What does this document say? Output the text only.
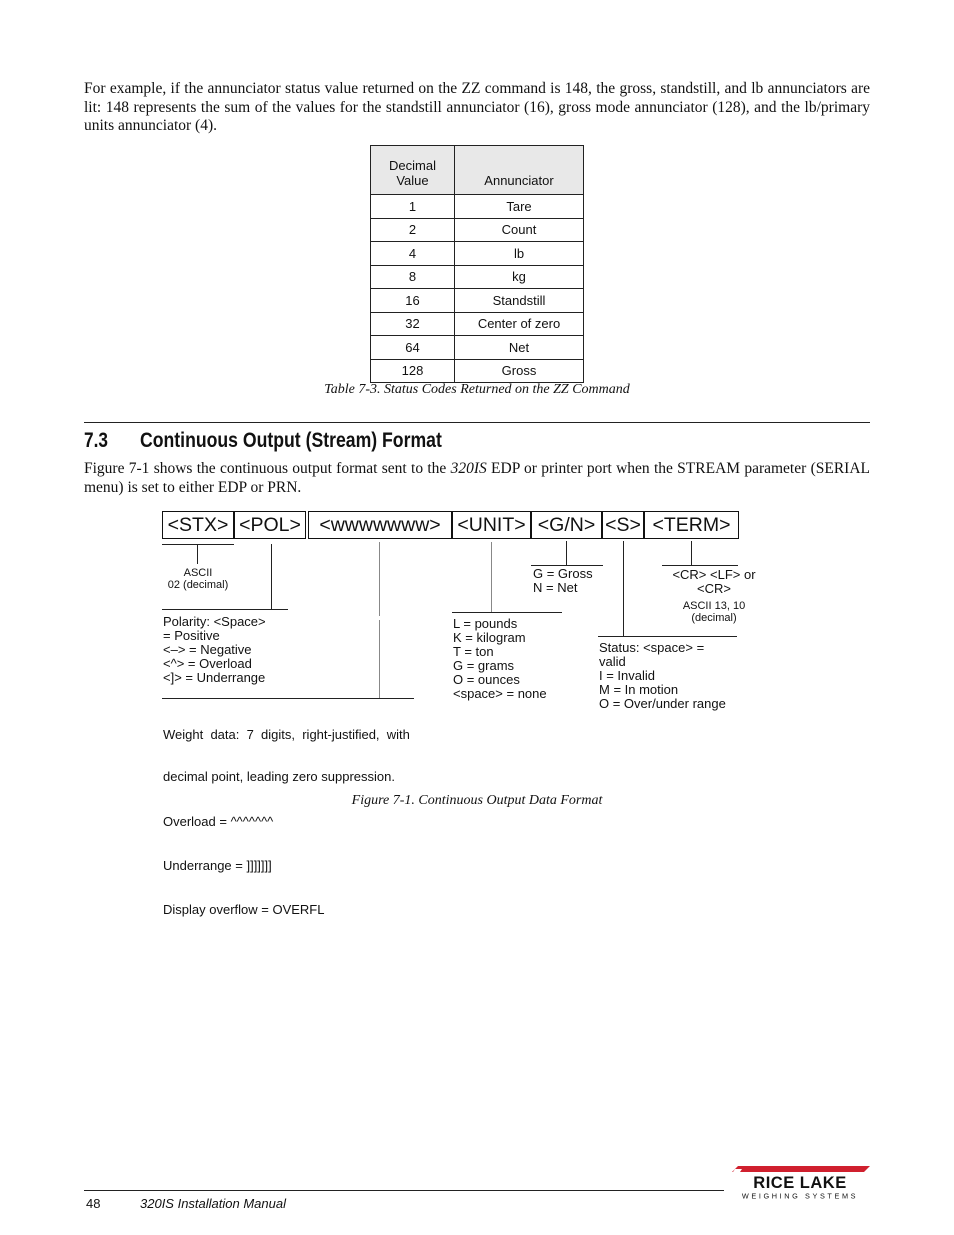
For example, if the annunciator status value returned on the ZZ command is 148, the gross, standstill, and lb annunciators are lit: 148 represents the sum of the values for the standstill annunciator (16), gross mode annunciator (128), and the lb/primary units annunciator (4).
Decimal
Value	Annunciator
1	Tare
2	Count
4	lb
8	kg
16	Standstill
32	Center of zero
64	Net
128	Gross
Table 7-3. Status Codes Returned on the ZZ Command
7.3 Continuous Output (Stream) Format
Figure 7-1 shows the continuous output format sent to the 320IS EDP or printer port when the STREAM parameter (SERIAL menu) is set to either EDP or PRN.
<STX> <POL> <wwwwwww> <UNIT> <G/N> <S> <TERM>
ASCII
02 (decimal)
Polarity: <Space>
= Positive
<–> = Negative
<^> = Overload
<]> = Underrange

Weight  data:  7  digits,  right-justified,  with

decimal point, leading zero suppression.

Overload = ^^^^^^^

Underrange = ]]]]]]]

Display overflow = OVERFL

L = pounds
K = kilogram
T = ton
G = grams
O = ounces
<space> = none
G = Gross
N = Net
Status: <space> =
valid
I = Invalid
M = In motion
O = Over/under range
<CR> <LF> or
<CR>
ASCII 13, 10
(decimal)
Figure 7-1. Continuous Output Data Format
48	320IS Installation Manual
RICE LAKE
WEIGHING SYSTEMS
